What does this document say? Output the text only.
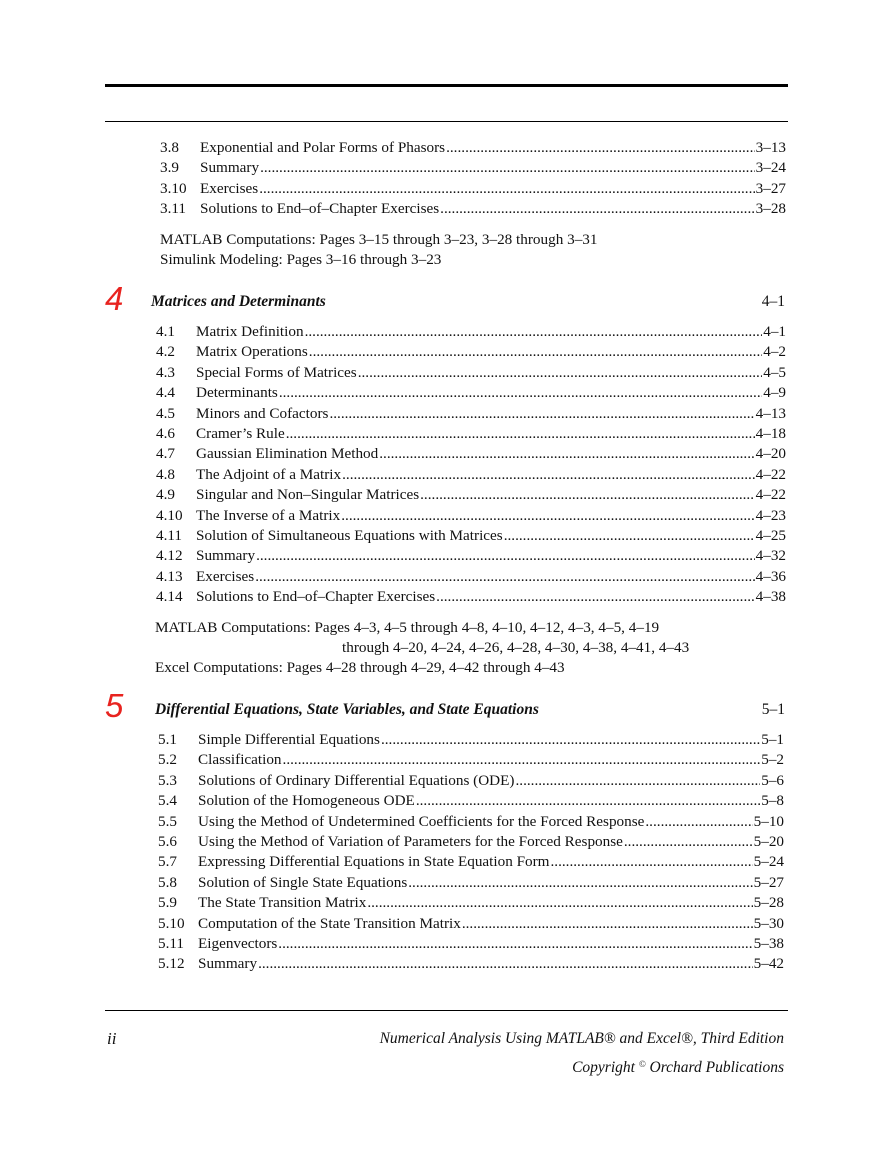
3.8	Exponential and Polar Forms of Phasors . . .	3–13
3.9	Summary . . .	3–24
3.10 Exercises . . .	3–27
3.11 Solutions to End–of–Chapter Exercises . . .	3–28
MATLAB Computations: Pages 3–15 through 3–23, 3–28 through 3–31
Simulink Modeling: Pages 3–16 through 3–23
4 Matrices and Determinants	4–1
4.1	Matrix Definition . . .	4–1
4.2	Matrix Operations . . .	4–2
4.3	Special Forms of Matrices . . .	4–5
4.4	Determinants . . .	4–9
4.5	Minors and Cofactors . . .	4–13
4.6	Cramer’s Rule . . .	4–18
4.7	Gaussian Elimination Method . . .	4–20
4.8	The Adjoint of a Matrix . . .	4–22
4.9	Singular and Non–Singular Matrices . . .	4–22
4.10 The Inverse of a Matrix . . .	4–23
4.11 Solution of Simultaneous Equations with Matrices . . .	4–25
4.12 Summary . . .	4–32
4.13 Exercises . . .	4–36
4.14 Solutions to End–of–Chapter Exercises . . .	4–38
MATLAB Computations: Pages 4–3, 4–5 through 4–8, 4–10, 4–12, 4–3, 4–5, 4–19
through 4–20, 4–24, 4–26, 4–28, 4–30, 4–38, 4–41, 4–43
Excel Computations: Pages 4–28 through 4–29, 4–42 through 4–43
5 Differential Equations, State Variables, and State Equations	5–1
5.1	Simple Differential Equations . . .	5–1
5.2	Classification . . .	5–2
5.3	Solutions of Ordinary Differential Equations (ODE) . . .	5–6
5.4	Solution of the Homogeneous ODE . . .	5–8
5.5	Using the Method of Undetermined Coefficients for the Forced Response . . .	5–10
5.6	Using the Method of Variation of Parameters for the Forced Response . . .	5–20
5.7	Expressing Differential Equations in State Equation Form . . .	5–24
5.8	Solution of Single State Equations . . .	5–27
5.9	The State Transition Matrix . . .	5–28
5.10 Computation of the State Transition Matrix . . .	5–30
5.11 Eigenvectors . . .	5–38
5.12 Summary . . .	5–42
ii	Numerical Analysis Using MATLAB® and Excel®, Third Edition
Copyright © Orchard Publications
